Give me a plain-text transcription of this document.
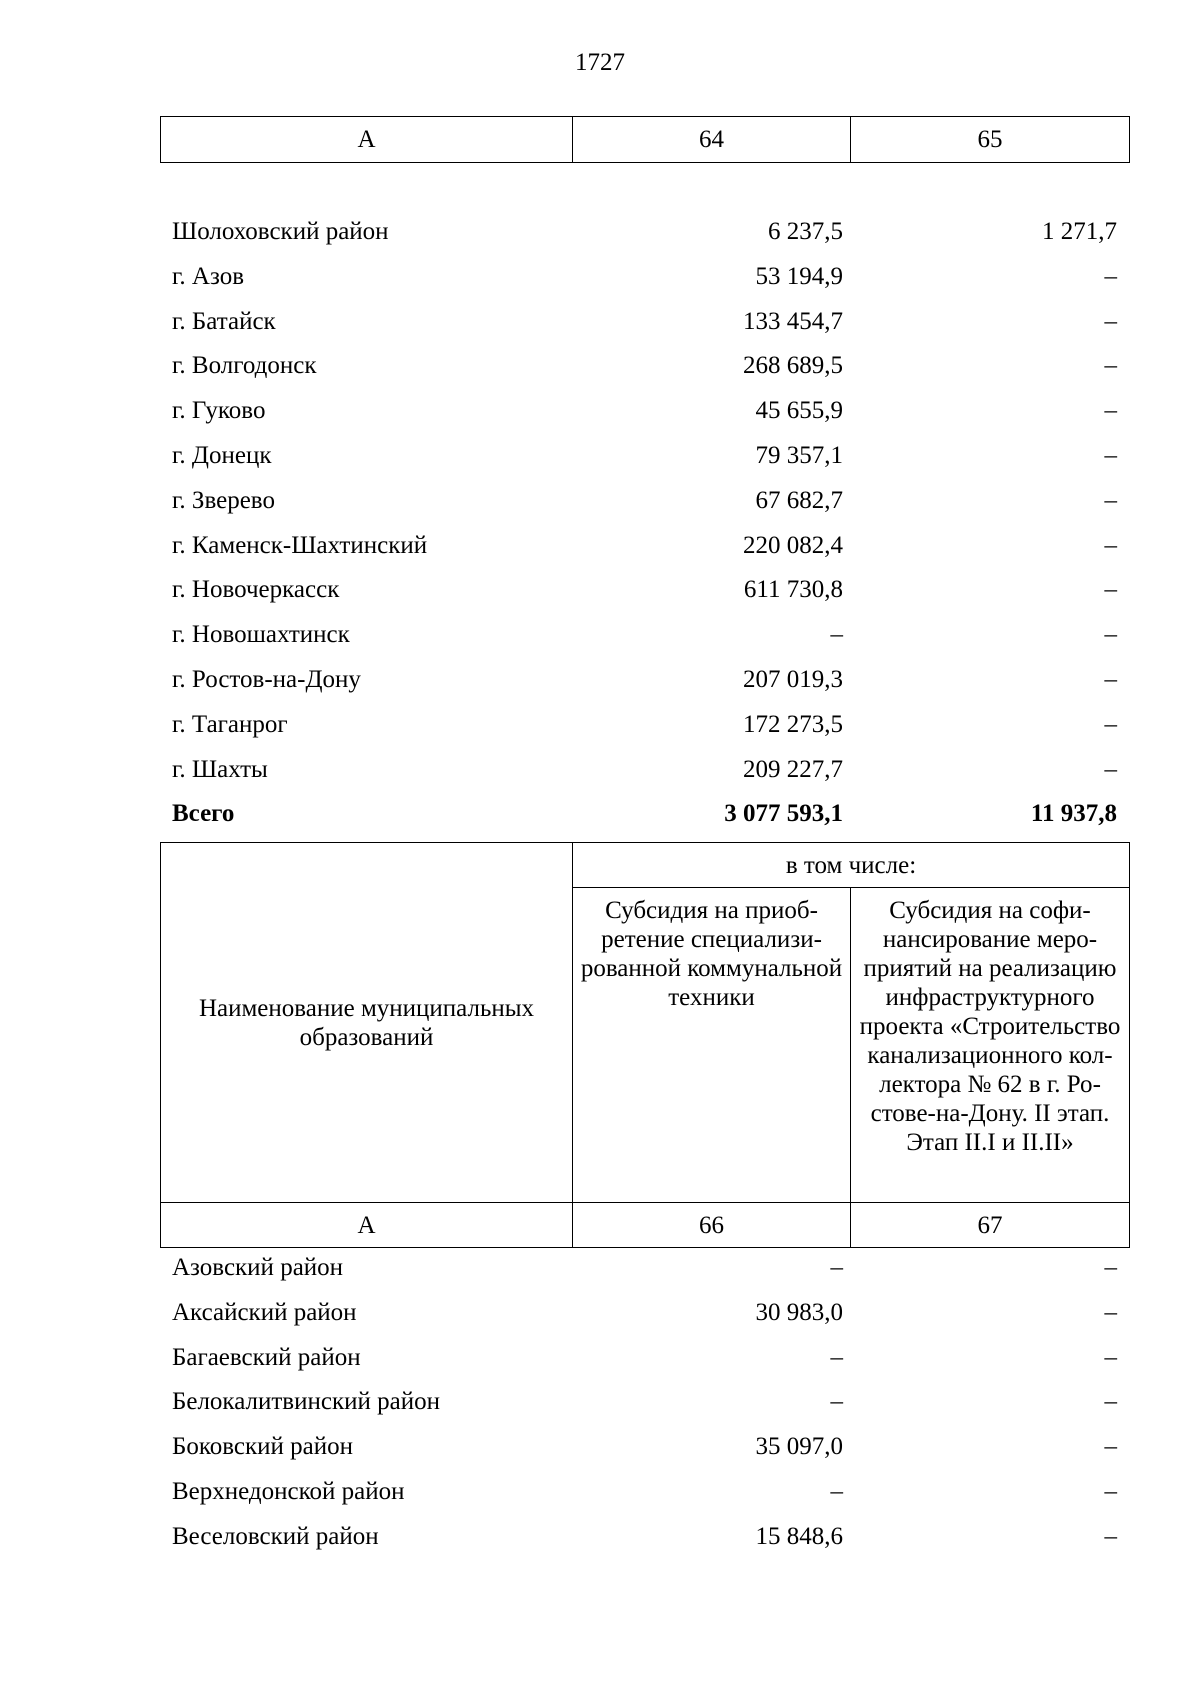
1727
А	64	65
Шолоховский район	6 237,5	1 271,7
г. Азов	53 194,9	–
г. Батайск	133 454,7	–
г. Волгодонск	268 689,5	–
г. Гуково	45 655,9	–
г. Донецк	79 357,1	–
г. Зверево	67 682,7	–
г. Каменск-Шахтинский	220 082,4	–
г. Новочеркасск	611 730,8	–
г. Новошахтинск	–	–
г. Ростов-на-Дону	207 019,3	–
г. Таганрог	172 273,5	–
г. Шахты	209 227,7	–
Всего	3 077 593,1	11 937,8
Наименование муниципальных образований	в том числе:	
	Субсидия на приобретение специализированной коммунальной техники	Субсидия на софинансирование мероприятий на реализацию инфраструктурного проекта «Строительство канализационного коллектора № 62 в г. Ростове-на-Дону. II этап. Этап II.I и II.II»
А	66	67
Азовский район	–	–
Аксайский район	30 983,0	–
Багаевский район	–	–
Белокалитвинский район	–	–
Боковский район	35 097,0	–
Верхнедонской район	–	–
Веселовский район	15 848,6	–
